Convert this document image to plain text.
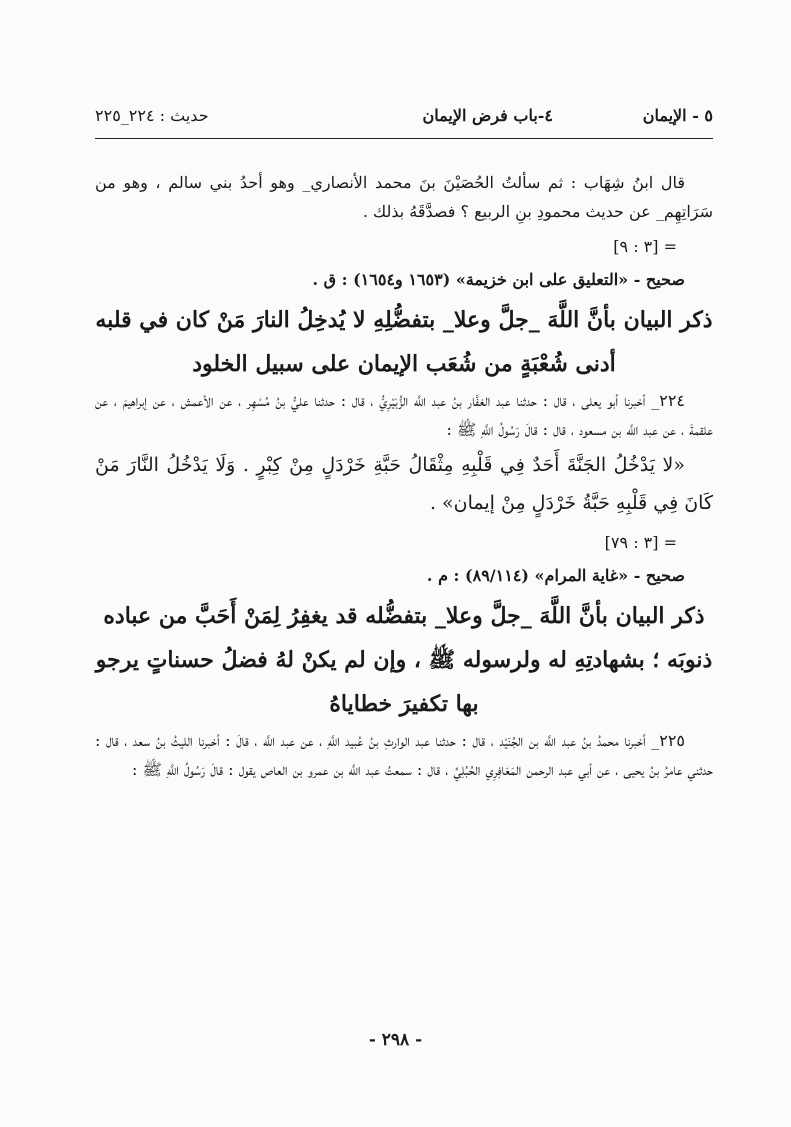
٥ - الإيمان
٤-باب فرض الإيمان
حديث : ٢٢٤_٢٢٥

قال ابنُ شِهَاب : ثم سألتُ الحُصَيْنَ بنَ محمد الأنصاري_ وهو أحدُ بني سالم ، وهو من سَرَاتِهِم_ عن حديث محمودِ بنِ الربيع ؟ فصدَّقَهُ بذلك .

= [٣ : ٩]

صحيح - «التعليق على ابن خزيمة» (١٦٥٣ و١٦٥٤) : ق .

ذكر البيان بأنَّ اللَّهَ _جلَّ وعلا_ بتفضُّلِهِ لا يُدخِلُ النارَ مَنْ كان في قلبه أدنى شُعْبَةٍ من شُعَب الإيمان على سبيل الخلود

٢٢٤_ أخبرنا أبو يعلى ، قال : حدثنا عبد الغفَّار بنُ عبد اللَّه الزُّبَيْرِيُّ ، قال : حدثنا عليُّ بنُ مُسْهِر ، عن الأعمش ، عن إبراهيمَ ، عن علقمةَ ، عن عبد اللَّه بن مسعود ، قال : قالَ رَسُولُ اللَّهِ ﷺ :

«لا يَدْخُلُ الجَنَّةَ أَحَدٌ فِي قَلْبِهِ مِثْقَالُ حَبَّةِ خَرْدَلٍ مِنْ كِبْرٍ . وَلَا يَدْخُلُ النَّارَ مَنْ كَانَ فِي قَلْبِهِ حَبَّةُ خَرْدَلٍ مِنْ إيمان» .

= [٣ : ٧٩]

صحيح - «غاية المرام» (٨٩/١١٤) : م .

ذكر البيان بأنَّ اللَّهَ _جلَّ وعلا_ بتفضُّله قد يغفِرُ لِمَنْ أَحَبَّ من عباده ذنوبَه ؛ بشهادتِهِ له ولرسوله ﷺ ، وإن لم يكنْ لهُ فضلُ حسناتٍ يرجو بها تكفيرَ خطاياهُ

٢٢٥_ أخبرنا محمدُ بنُ عبد اللَّه بن الجُنَيْد ، قال : حدثنا عبد الوارثِ بنُ عُبيد اللَّهِ ، عن عبد اللَّه ، قالَ : أخبرنا الليثُ بنُ سعد ، قال : حدثني عامرُ بنُ يحيى ، عن أبي عبد الرحمن المَعَافِرِي الحُبُلِيِّ ، قال : سمعتُ عبد اللَّه بن عمرو بن العاص يقول : قالَ رَسُولُ اللَّهِ ﷺ :

- ٢٩٨ -
